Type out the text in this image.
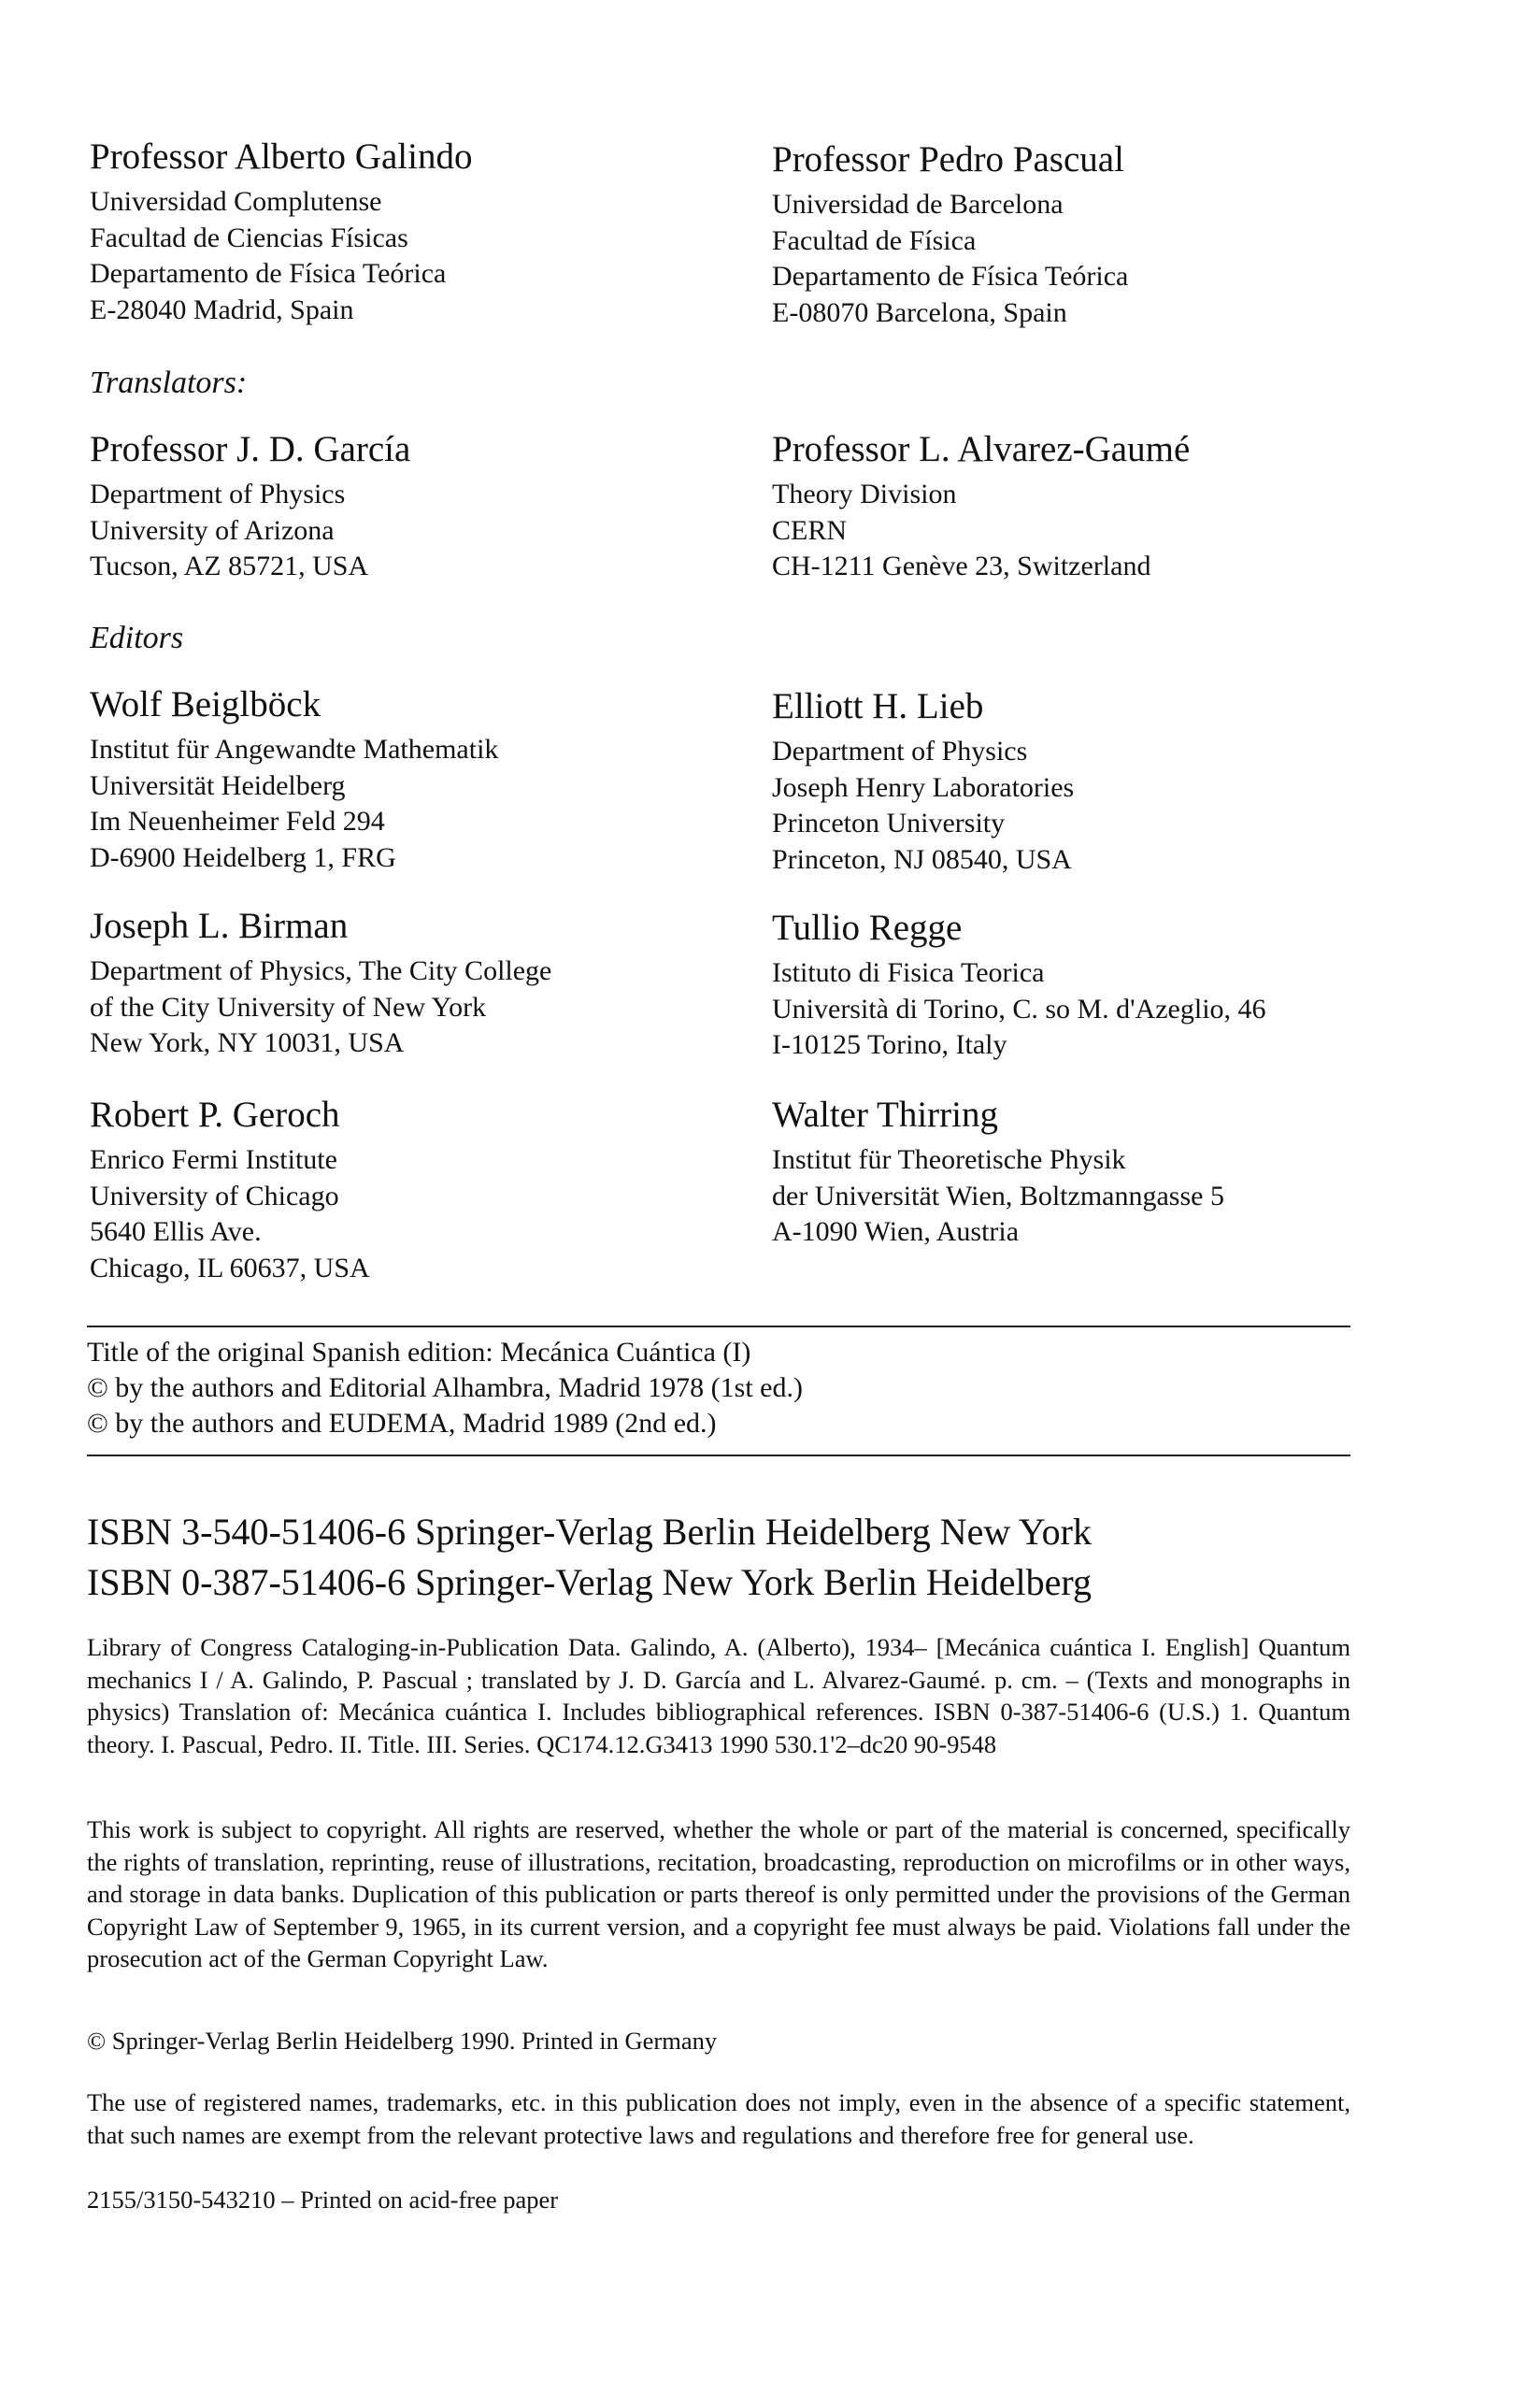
Professor Alberto Galindo
Universidad Complutense
Facultad de Ciencias Físicas
Departamento de Física Teórica
E-28040 Madrid, Spain
Professor Pedro Pascual
Universidad de Barcelona
Facultad de Física
Departamento de Física Teórica
E-08070 Barcelona, Spain
Translators:
Professor J. D. García
Department of Physics
University of Arizona
Tucson, AZ 85721, USA
Professor L. Alvarez-Gaumé
Theory Division
CERN
CH-1211 Genève 23, Switzerland
Editors
Wolf Beiglböck
Institut für Angewandte Mathematik
Universität Heidelberg
Im Neuenheimer Feld 294
D-6900 Heidelberg 1, FRG
Elliott H. Lieb
Department of Physics
Joseph Henry Laboratories
Princeton University
Princeton, NJ 08540, USA
Joseph L. Birman
Department of Physics, The City College
of the City University of New York
New York, NY 10031, USA
Tullio Regge
Istituto di Fisica Teorica
Università di Torino, C. so M. d'Azeglio, 46
I-10125 Torino, Italy
Robert P. Geroch
Enrico Fermi Institute
University of Chicago
5640 Ellis Ave.
Chicago, IL 60637, USA
Walter Thirring
Institut für Theoretische Physik
der Universität Wien, Boltzmanngasse 5
A-1090 Wien, Austria
Title of the original Spanish edition: Mecánica Cuántica (I)
© by the authors and Editorial Alhambra, Madrid 1978 (1st ed.)
© by the authors and EUDEMA, Madrid 1989 (2nd ed.)
ISBN 3-540-51406-6 Springer-Verlag Berlin Heidelberg New York
ISBN 0-387-51406-6 Springer-Verlag New York Berlin Heidelberg

Library of Congress Cataloging-in-Publication Data. Galindo, A. (Alberto), 1934– [Mecánica cuántica I. English] Quantum mechanics I / A. Galindo, P. Pascual ; translated by J. D. García and L. Alvarez-Gaumé. p. cm. – (Texts and monographs in physics) Translation of: Mecánica cuántica I. Includes bibliographical references. ISBN 0-387-51406-6 (U.S.) 1. Quantum theory. I. Pascual, Pedro. II. Title. III. Series. QC174.12.G3413 1990 530.1'2–dc20 90-9548

This work is subject to copyright. All rights are reserved, whether the whole or part of the material is concerned, specifically the rights of translation, reprinting, reuse of illustrations, recitation, broadcasting, reproduction on microfilms or in other ways, and storage in data banks. Duplication of this publication or parts thereof is only permitted under the provisions of the German Copyright Law of September 9, 1965, in its current version, and a copyright fee must always be paid. Violations fall under the prosecution act of the German Copyright Law.

© Springer-Verlag Berlin Heidelberg 1990. Printed in Germany

The use of registered names, trademarks, etc. in this publication does not imply, even in the absence of a specific statement, that such names are exempt from the relevant protective laws and regulations and therefore free for general use.

2155/3150-543210 – Printed on acid-free paper
